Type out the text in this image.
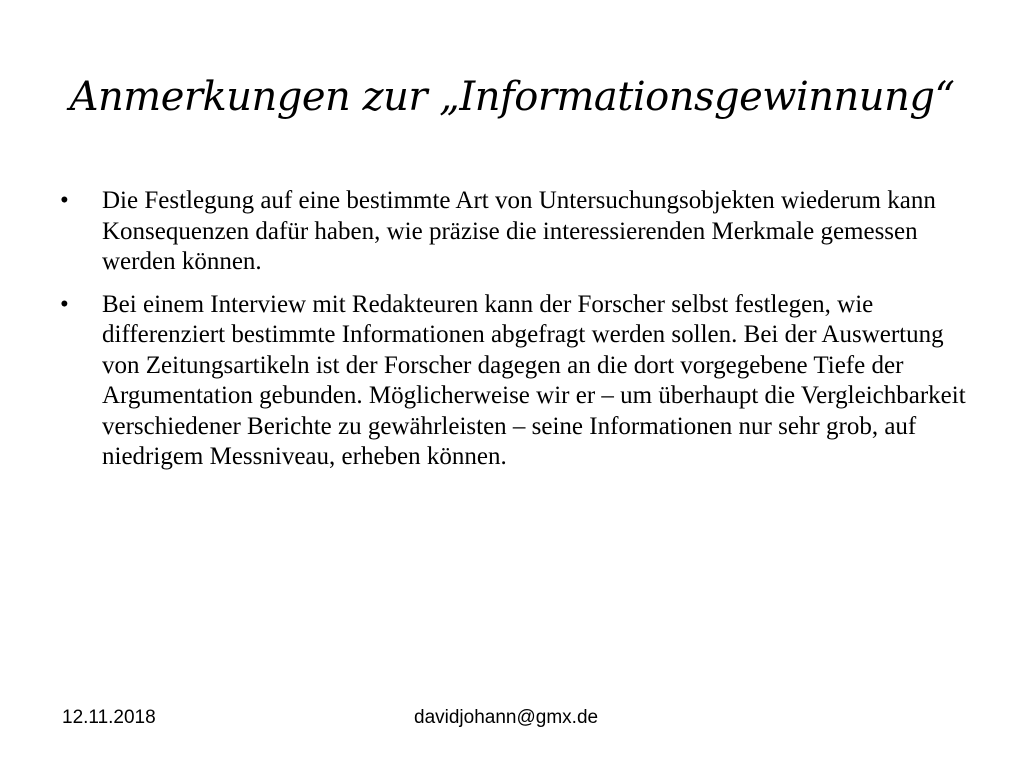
Anmerkungen zur „Informationsgewinnung“
•	Die Festlegung auf eine bestimmte Art von Untersuchungsobjekten wiederum kann Konsequenzen dafür haben, wie präzise die interessierenden Merkmale gemessen werden können.
•	Bei einem Interview mit Redakteuren kann der Forscher selbst festlegen, wie differenziert bestimmte Informationen abgefragt werden sollen. Bei der Auswertung von Zeitungsartikeln ist der Forscher dagegen an die dort vorgegebene Tiefe der Argumentation gebunden. Möglicherweise wir er – um überhaupt die Vergleichbarkeit verschiedener Berichte zu gewährleisten – seine Informationen nur sehr grob, auf niedrigem Messniveau, erheben können.
12.11.2018	davidjohann@gmx.de
